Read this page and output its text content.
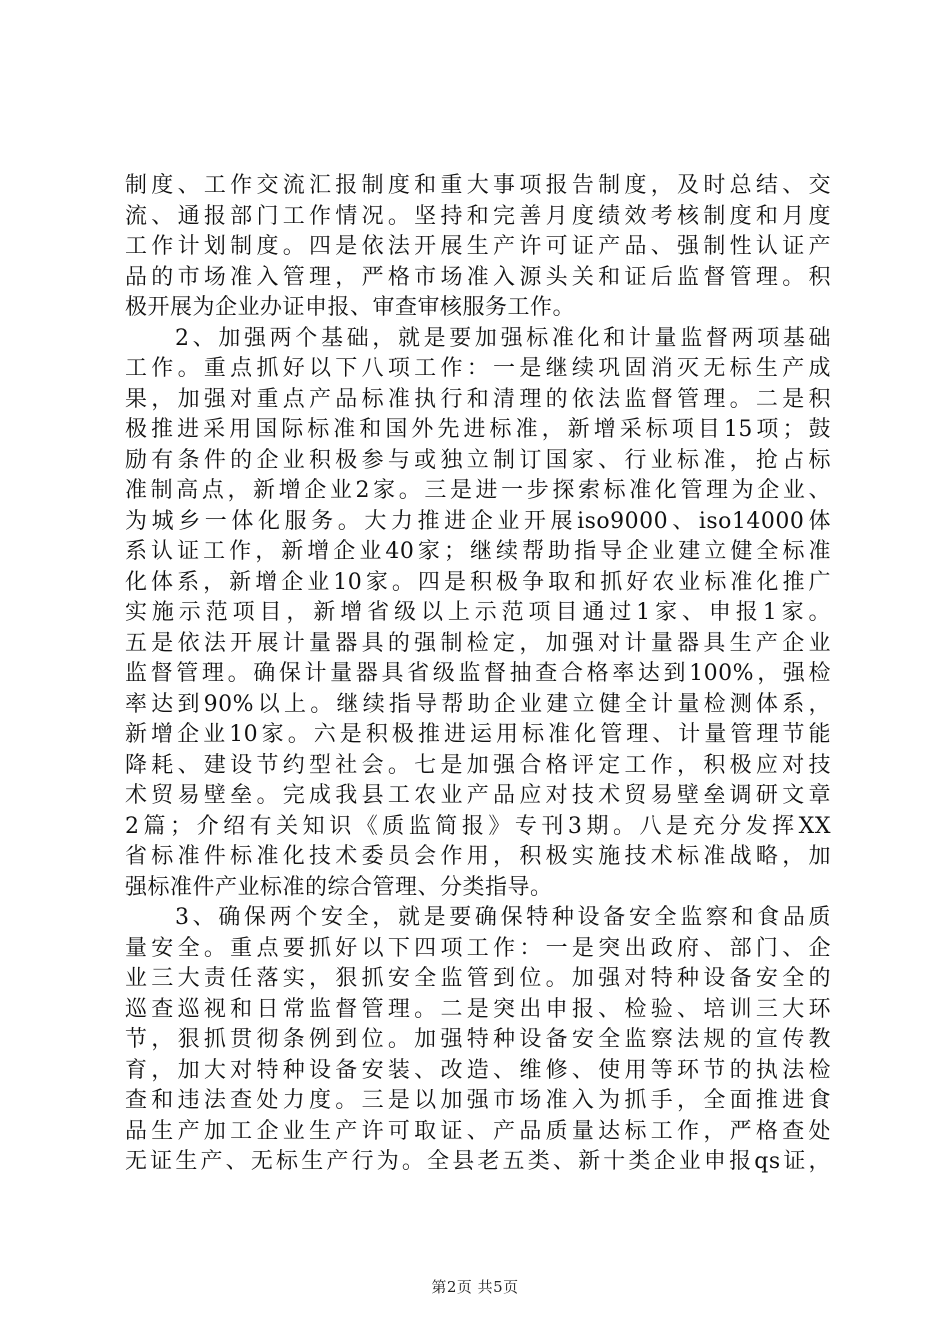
制度、工作交流汇报制度和重大事项报告制度，及时总结、交
流、通报部门工作情况。坚持和完善月度绩效考核制度和月度
工作计划制度。四是依法开展生产许可证产品、强制性认证产
品的市场准入管理，严格市场准入源头关和证后监督管理。积
极开展为企业办证申报、审查审核服务工作。
2、加强两个基础，就是要加强标准化和计量监督两项基础
工作。重点抓好以下八项工作：一是继续巩固消灭无标生产成
果，加强对重点产品标准执行和清理的依法监督管理。二是积
极推进采用国际标准和国外先进标准，新增采标项目15项；鼓
励有条件的企业积极参与或独立制订国家、行业标准，抢占标
准制高点，新增企业2家。三是进一步探索标准化管理为企业、
为城乡一体化服务。大力推进企业开展iso9000、iso14000体
系认证工作，新增企业40家；继续帮助指导企业建立健全标准
化体系，新增企业10家。四是积极争取和抓好农业标准化推广
实施示范项目，新增省级以上示范项目通过1家、申报1家。
五是依法开展计量器具的强制检定，加强对计量器具生产企业
监督管理。确保计量器具省级监督抽查合格率达到100%，强检
率达到90%以上。继续指导帮助企业建立健全计量检测体系，
新增企业10家。六是积极推进运用标准化管理、计量管理节能
降耗、建设节约型社会。七是加强合格评定工作，积极应对技
术贸易壁垒。完成我县工农业产品应对技术贸易壁垒调研文章
2篇；介绍有关知识《质监简报》专刊3期。八是充分发挥XX
省标准件标准化技术委员会作用，积极实施技术标准战略，加
强标准件产业标准的综合管理、分类指导。
3、确保两个安全，就是要确保特种设备安全监察和食品质
量安全。重点要抓好以下四项工作：一是突出政府、部门、企
业三大责任落实，狠抓安全监管到位。加强对特种设备安全的
巡查巡视和日常监督管理。二是突出申报、检验、培训三大环
节，狠抓贯彻条例到位。加强特种设备安全监察法规的宣传教
育，加大对特种设备安装、改造、维修、使用等环节的执法检
查和违法查处力度。三是以加强市场准入为抓手，全面推进食
品生产加工企业生产许可取证、产品质量达标工作，严格查处
无证生产、无标生产行为。全县老五类、新十类企业申报qs证，
第2页 共5页
